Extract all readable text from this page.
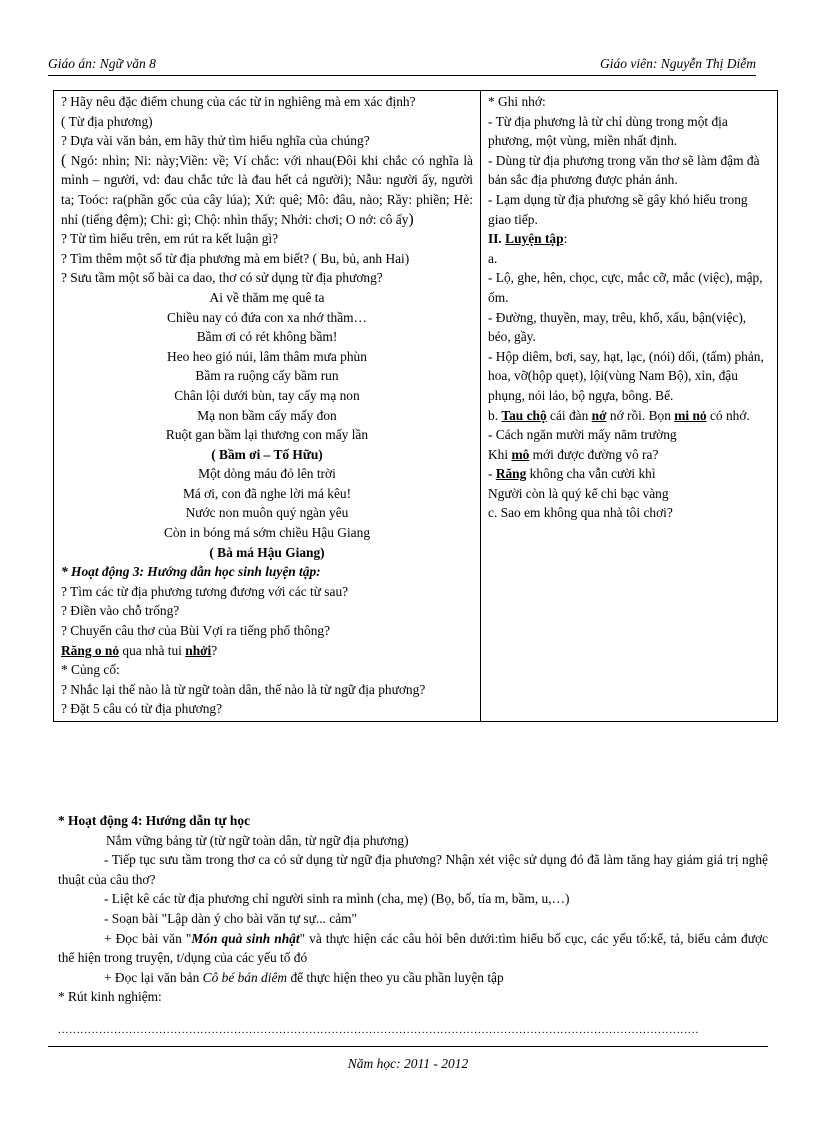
Giáo án: Ngữ văn 8	Giáo viên: Nguyễn Thị Diễm

? Hãy nêu đặc điểm chung của các từ in nghiêng mà em xác định?

( Từ địa phương)

? Dựa vài văn bản, em hãy thử tìm hiểu nghĩa của chúng?

( Ngó: nhìn; Ni: này;Viền: về; Ví chắc: với nhau(Đôi khi chắc có nghĩa là mình – người, vd: đau chắc tức là đau hết cả người); Nẫu: người ấy, người ta; Toóc: ra(phần gốc của cây lúa); Xứ: quê; Mô: đâu, nào; Rầy: phiền; Hè: nhỉ (tiếng đệm); Chi: gì; Chộ: nhìn thấy; Nhởi: chơi; O nớ: cô ấy)

? Từ tìm hiểu trên, em rút ra kết luận gì?

? Tìm thêm một số từ địa phương mà em biết? ( Bu, bủ, anh Hai)

? Sưu tầm một số bài ca dao, thơ có sử dụng từ địa phương?

Ai về thăm mẹ quê ta

Chiều nay có đứa con xa nhớ thầm…

Bầm ơi có rét không bầm!

Heo heo gió núi, lâm thâm mưa phùn

Bầm ra ruộng cấy bầm run

Chân lội dưới bùn, tay cấy mạ non

Mạ non bầm cấy mấy đon

Ruột gan bầm lại thương con mấy lần

( Bầm ơi – Tố Hữu)

Một dòng máu đỏ lên trời

Má ơi, con đã nghe lời má kêu!

Nước non muôn quý ngàn yêu

Còn in bóng má sớm chiều Hậu Giang

( Bà má Hậu Giang)

* Hoạt động 3: Hướng dẫn học sinh luyện tập:

? Tìm các từ địa phương tương đương với các từ sau?

? Điền vào chỗ trống?

? Chuyển câu thơ của Bùi Vợi ra tiếng phổ thông?

Răng o nỏ qua nhà tui nhởi?

* Củng cố:

? Nhắc lại thế nào là từ ngữ toàn dân, thế nào là từ ngữ địa phương?

? Đặt 5 câu có từ địa phương?

* Ghi nhớ:

- Từ địa phương là từ chỉ dùng trong một địa phương, một vùng, miền nhất định.

- Dùng từ địa phương trong văn thơ sẽ làm đậm đà bản sắc địa phương được phản ánh.

- Lạm dụng từ địa phương sẽ gây khó hiểu trong giao tiếp.

II. Luyện tập:

a.

- Lộ, ghe, hên, chọc, cực, mắc cỡ, mắc (việc), mập, ốm.

- Đường, thuyền, may, trêu, khổ, xấu, bận(việc), béo, gầy.

- Hộp diêm, bơi, say, hạt, lạc, (nói) dối, (tấm) phản, hoa, vỡ(hộp quẹt), lội(vùng Nam Bộ), xỉn, đậu phụng, nói láo, bộ ngựa, bông. Bể.

b. Tau chộ cái đàn nớ nớ rồi. Bọn mi nỏ có nhớ.

- Cách ngăn mười mấy năm trường

Khi mô mới được đường vô ra?

- Răng không cha vẫn cười khì

Người còn là quý kể chi bạc vàng

c. Sao em không qua nhà tôi chơi?

* Hoạt động 4: Hướng dẫn tự học

Nắm vững bảng từ (từ ngữ toàn dân, từ ngữ địa phương)

- Tiếp tục sưu tầm trong thơ ca có sử dụng từ ngữ địa phương? Nhận xét việc sử dụng đó đã làm tăng hay giảm giá trị nghệ thuật của câu thơ?

- Liệt kê các từ địa phương chỉ người sinh ra mình (cha, mẹ) (Bọ, bố, tía m, bầm, u,…)

- Soạn bài "Lập dàn ý cho bài văn tự sự... cảm"

+ Đọc bài văn "Món quà sinh nhật" và thực hiện các câu hỏi bên dưới:tìm hiểu bố cục, các yếu tố:kể, tả, biểu cảm được thể hiện trong truyện, t/dụng của các yếu tố đó

+ Đọc lại văn bản Cô bé bán diêm để thực hiện theo yu cầu phần luyện tập

* Rút kinh nghiệm:

...........................................................................................................................................................................
Năm học: 2011 - 2012
